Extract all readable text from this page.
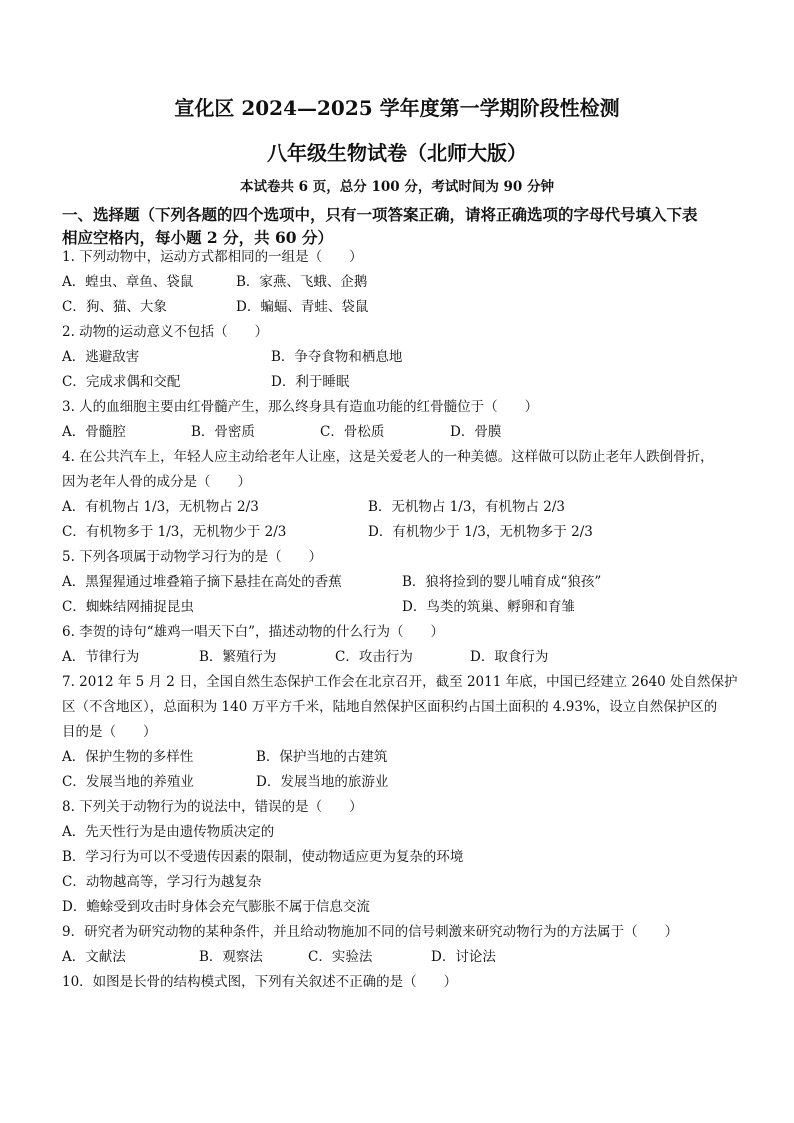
宣化区 2024—2025 学年度第一学期阶段性检测
八年级生物试卷（北师大版）
本试卷共 6 页，总分 100 分，考试时间为 90 分钟
一、选择题（下列各题的四个选项中，只有一项答案正确，请将正确选项的字母代号填入下表
相应空格内，每小题 2 分，共 60 分）
1. 下列动物中，运动方式都相同的一组是（　　）
A．蝗虫、章鱼、袋鼠	B．家燕、飞蛾、企鹅
C．狗、猫、大象	D．蝙蝠、青蛙、袋鼠
2. 动物的运动意义不包括（　　）
A．逃避敌害	B．争夺食物和栖息地
C．完成求偶和交配	D．利于睡眠
3. 人的血细胞主要由红骨髓产生，那么终身具有造血功能的红骨髓位于（　　）
A．骨髓腔	B．骨密质	C．骨松质	D．骨膜
4. 在公共汽车上，年轻人应主动给老年人让座，这是关爱老人的一种美德。这样做可以防止老年人跌倒骨折，
因为老年人骨的成分是（　　）
A．有机物占 1/3，无机物占 2/3	B．无机物占 1/3，有机物占 2/3
C．有机物多于 1/3，无机物少于 2/3	D．有机物少于 1/3，无机物多于 2/3
5. 下列各项属于动物学习行为的是（　　）
A．黑猩猩通过堆叠箱子摘下悬挂在高处的香蕉	B．狼将捡到的婴儿哺育成“狼孩”
C．蜘蛛结网捕捉昆虫	D．鸟类的筑巢、孵卵和育雏
6. 李贺的诗句“雄鸡一唱天下白”，描述动物的什么行为（　　）
A．节律行为	B．繁殖行为	C．攻击行为	D．取食行为
7. 2012 年 5 月 2 日，全国自然生态保护工作会在北京召开，截至 2011 年底，中国已经建立 2640 处自然保护
区（不含地区），总面积为 140 万平方千米，陆地自然保护区面积约占国土面积的 4.93%，设立自然保护区的
目的是（　　）
A．保护生物的多样性	B．保护当地的古建筑
C．发展当地的养殖业	D．发展当地的旅游业
8. 下列关于动物行为的说法中，错误的是（　　）
A．先天性行为是由遗传物质决定的
B．学习行为可以不受遗传因素的限制，使动物适应更为复杂的环境
C．动物越高等，学习行为越复杂
D．蟾蜍受到攻击时身体会充气膨胀不属于信息交流
9．研究者为研究动物的某种条件，并且给动物施加不同的信号刺激来研究动物行为的方法属于（　　）
A．文献法	B．观察法	C．实验法	D．讨论法
10．如图是长骨的结构模式图，下列有关叙述不正确的是（　　）
